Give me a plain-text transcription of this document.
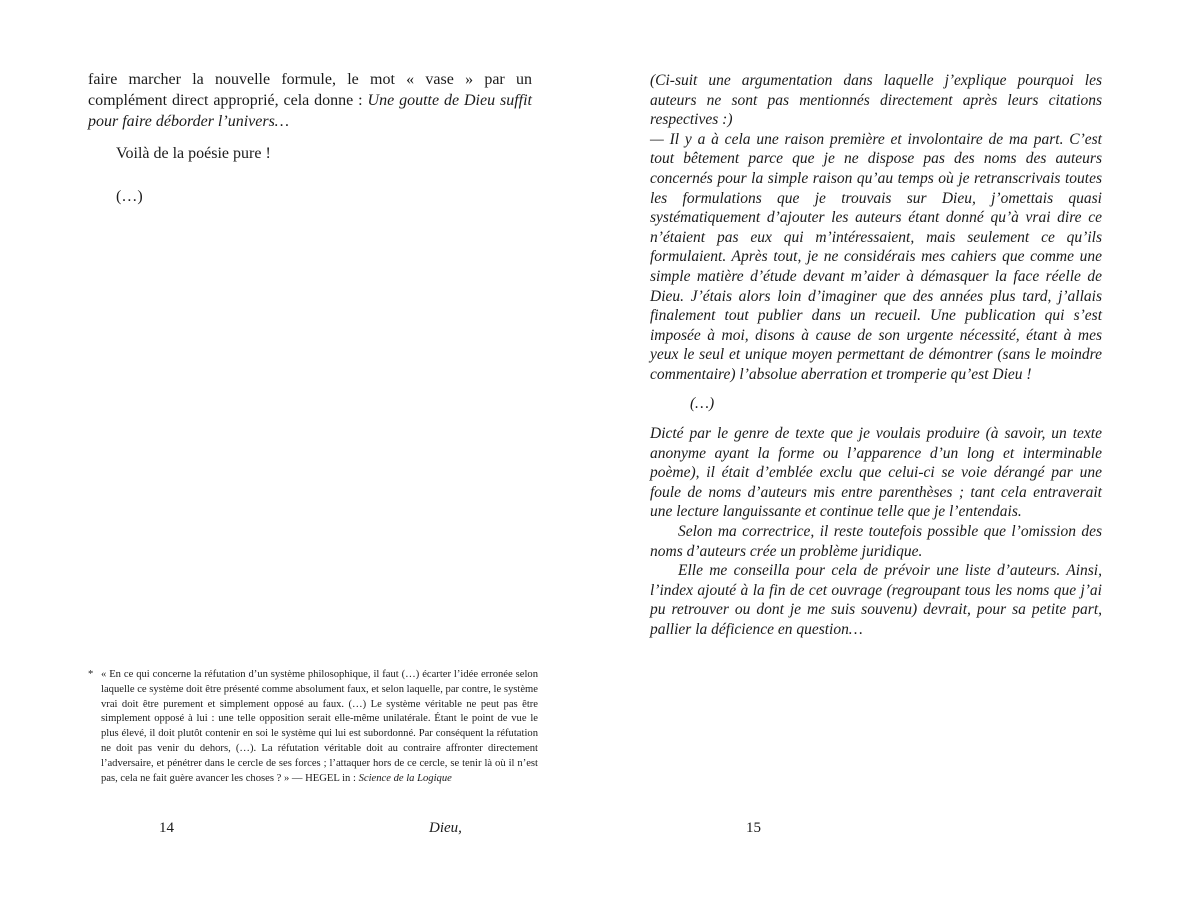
faire marcher la nouvelle formule, le mot « vase » par un complément direct approprié, cela donne : Une goutte de Dieu suffit pour faire déborder l’univers…

Voilà de la poésie pure !

(…)

* « En ce qui concerne la réfutation d’un système philosophique, il faut (…) écarter l’idée erronée selon laquelle ce système doit être présenté comme absolument faux, et selon laquelle, par contre, le système vrai doit être purement et simplement opposé au faux. (…) Le système véritable ne peut pas être simplement opposé à lui : une telle opposition serait elle-même unilatérale. Étant le point de vue le plus élevé, il doit plutôt contenir en soi le système qui lui est subordonné. Par conséquent la réfutation ne doit pas venir du dehors, (…). La réfutation véritable doit au contraire affronter directement l’adversaire, et pénétrer dans le cercle de ses forces ; l’attaquer hors de ce cercle, se tenir là où il n’est pas, cela ne fait guère avancer les choses ? » — HEGEL in : Science de la Logique
14	Dieu,	15

(Ci-suit une argumentation dans laquelle j’explique pourquoi les auteurs ne sont pas mentionnés directement après leurs citations respectives :)
— Il y a à cela une raison première et involontaire de ma part. C’est tout bêtement parce que je ne dispose pas des noms des auteurs concernés pour la simple raison qu’au temps où je retranscrivais toutes les formulations que je trouvais sur Dieu, j’omettais quasi systématiquement d’ajouter les auteurs étant donné qu’à vrai dire ce n’étaient pas eux qui m’intéressaient, mais seulement ce qu’ils formulaient. Après tout, je ne considérais mes cahiers que comme une simple matière d’étude devant m’aider à démasquer la face réelle de Dieu. J’étais alors loin d’imaginer que des années plus tard, j’allais finalement tout publier dans un recueil. Une publication qui s’est imposée à moi, disons à cause de son urgente nécessité, étant à mes yeux le seul et unique moyen permettant de démontrer (sans le moindre commentaire) l’absolue aberration et tromperie qu’est Dieu !

(…)

Dicté par le genre de texte que je voulais produire (à savoir, un texte anonyme ayant la forme ou l’apparence d’un long et interminable poème), il était d’emblée exclu que celui-ci se voie dérangé par une foule de noms d’auteurs mis entre parenthèses ; tant cela entraverait une lecture languissante et continue telle que je l’entendais.

Selon ma correctrice, il reste toutefois possible que l’omission des noms d’auteurs crée un problème juridique.

Elle me conseilla pour cela de prévoir une liste d’auteurs. Ainsi, l’index ajouté à la fin de cet ouvrage (regroupant tous les noms que j’ai pu retrouver ou dont je me suis souvenu) devrait, pour sa petite part, pallier la déficience en question…
